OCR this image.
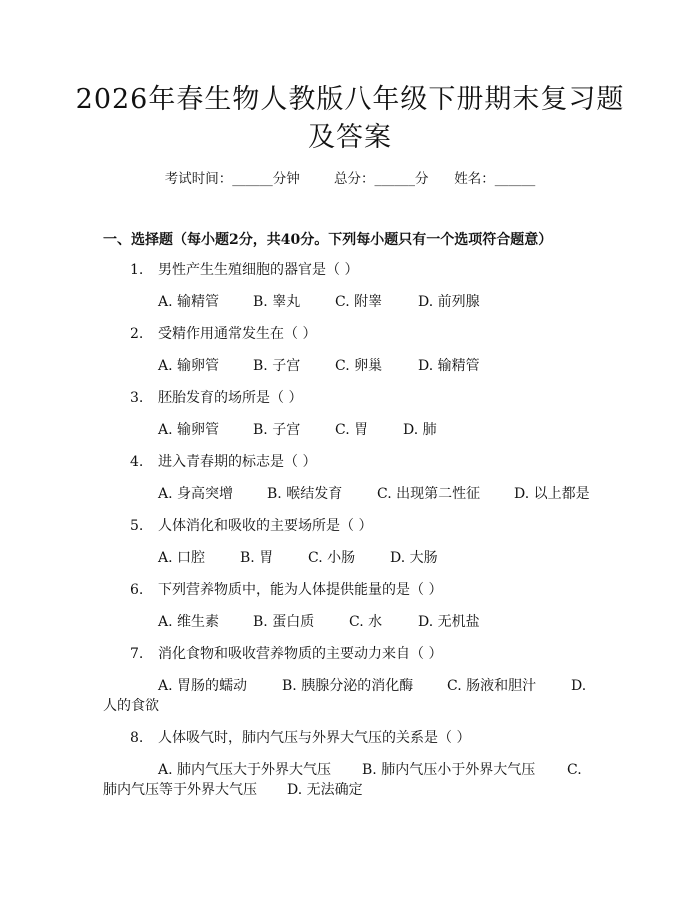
2026年春生物人教版八年级下册期末复习题
及答案
考试时间：______分钟	总分：______分 姓名：______
一、选择题（每小题2分，共40分。下列每小题只有一个选项符合题意）
1. 男性产生生殖细胞的器官是（ ）
A. 输精管 B. 睾丸 C. 附睾	D. 前列腺
2. 受精作用通常发生在（ ）
A. 输卵管 B. 子宫 C. 卵巢	D. 输精管
3. 胚胎发育的场所是（ ）
A. 输卵管 B. 子宫 C. 胃 D. 肺
4. 进入青春期的标志是（ ）
A. 身高突增 B. 喉结发育 C. 出现第二性征 D. 以上都是
5. 人体消化和吸收的主要场所是（ ）
A. 口腔 B. 胃 C. 小肠 D. 大肠
6. 下列营养物质中，能为人体提供能量的是（ ）
A. 维生素 B. 蛋白质 C. 水	D. 无机盐
7. 消化食物和吸收营养物质的主要动力来自（ ）
A. 胃肠的蠕动 B. 胰腺分泌的消化酶 C. 肠液和胆汁 D.
人的食欲
8. 人体吸气时，肺内气压与外界大气压的关系是（ ）
A. 肺内气压大于外界大气压 B. 肺内气压小于外界大气压 C.
肺内气压等于外界大气压 D. 无法确定
